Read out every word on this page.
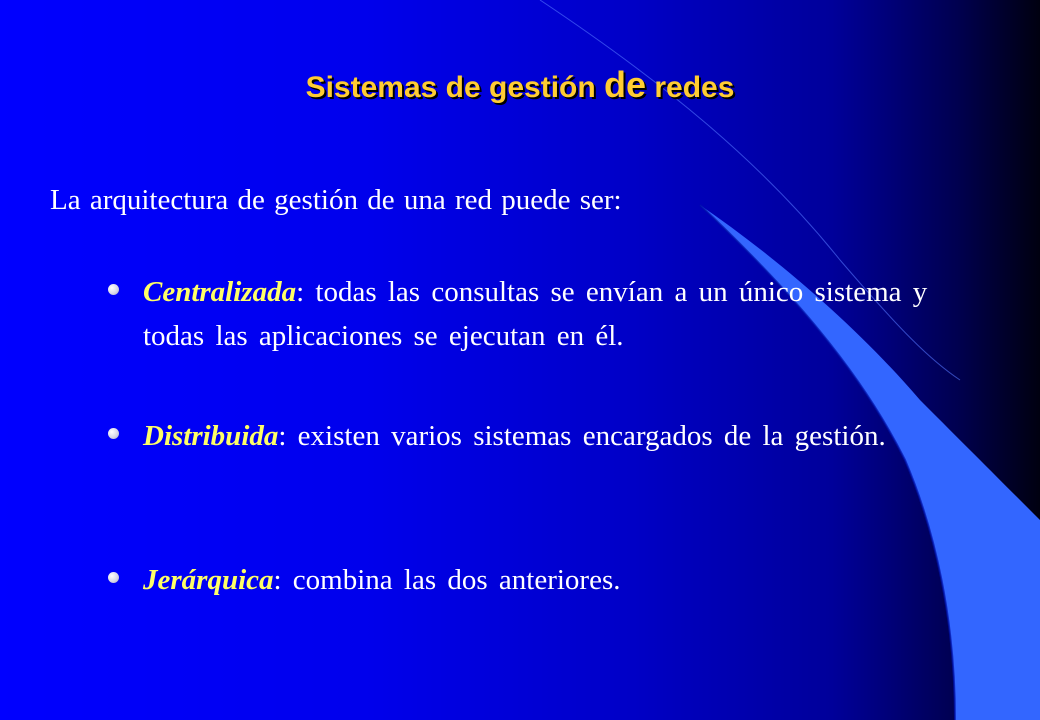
Sistemas de gestión de redes
La arquitectura de gestión de una red puede ser:
Centralizada: todas las consultas se envían a un único sistema y todas las aplicaciones se ejecutan en él.
Distribuida: existen varios sistemas encargados de la gestión.
Jerárquica: combina las dos anteriores.
